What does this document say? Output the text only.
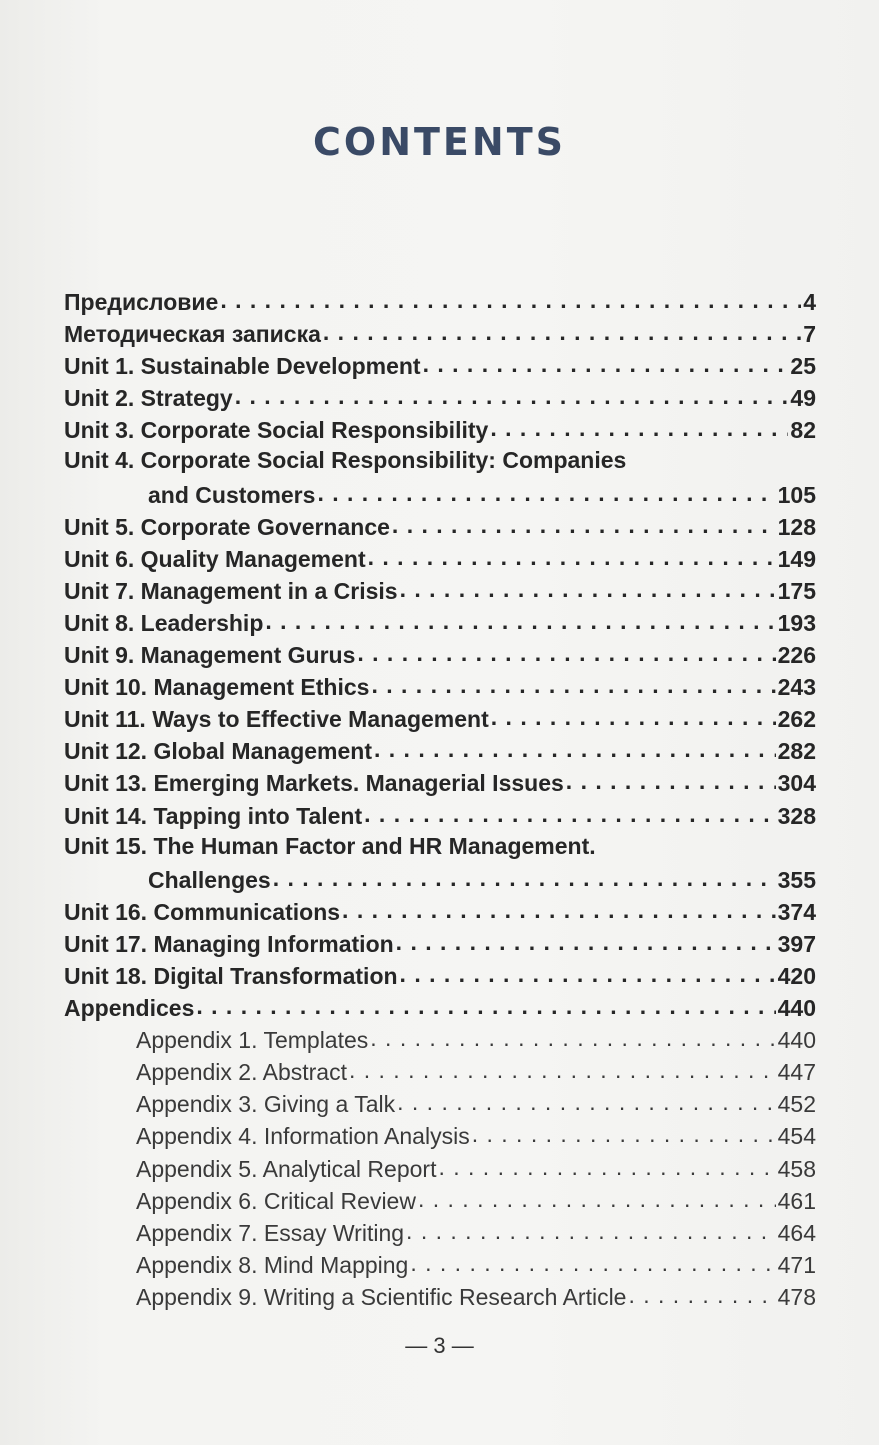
CONTENTS
Предисловие . . .	4
Методическая записка . . .	7
Unit 1. Sustainable Development . . .	25
Unit 2. Strategy . . .	49
Unit 3. Corporate Social Responsibility . . .	82
Unit 4. Corporate Social Responsibility: Companies
and Customers . . .	105
Unit 5. Corporate Governance . . .	128
Unit 6. Quality Management . . .	149
Unit 7. Management in a Crisis . . .	175
Unit 8. Leadership . . .	193
Unit 9. Management Gurus . . .	226
Unit 10. Management Ethics . . .	243
Unit 11. Ways to Effective Management . . .	262
Unit 12. Global Management . . .	282
Unit 13. Emerging Markets. Managerial Issues . . .	304
Unit 14. Tapping into Talent . . .	328
Unit 15. The Human Factor and HR Management.
Challenges . . .	355
Unit 16. Communications . . .	374
Unit 17. Managing Information . . .	397
Unit 18. Digital Transformation . . .	420
Appendices . . .	440
Appendix 1. Templates . . .	440
Appendix 2. Abstract . . .	447
Appendix 3. Giving a Talk . . .	452
Appendix 4. Information Analysis . . .	454
Appendix 5. Analytical Report . . .	458
Appendix 6. Critical Review . . .	461
Appendix 7. Essay Writing . . .	464
Appendix 8. Mind Mapping . . .	471
Appendix 9. Writing a Scientific Research Article . . .	478
— 3 —
